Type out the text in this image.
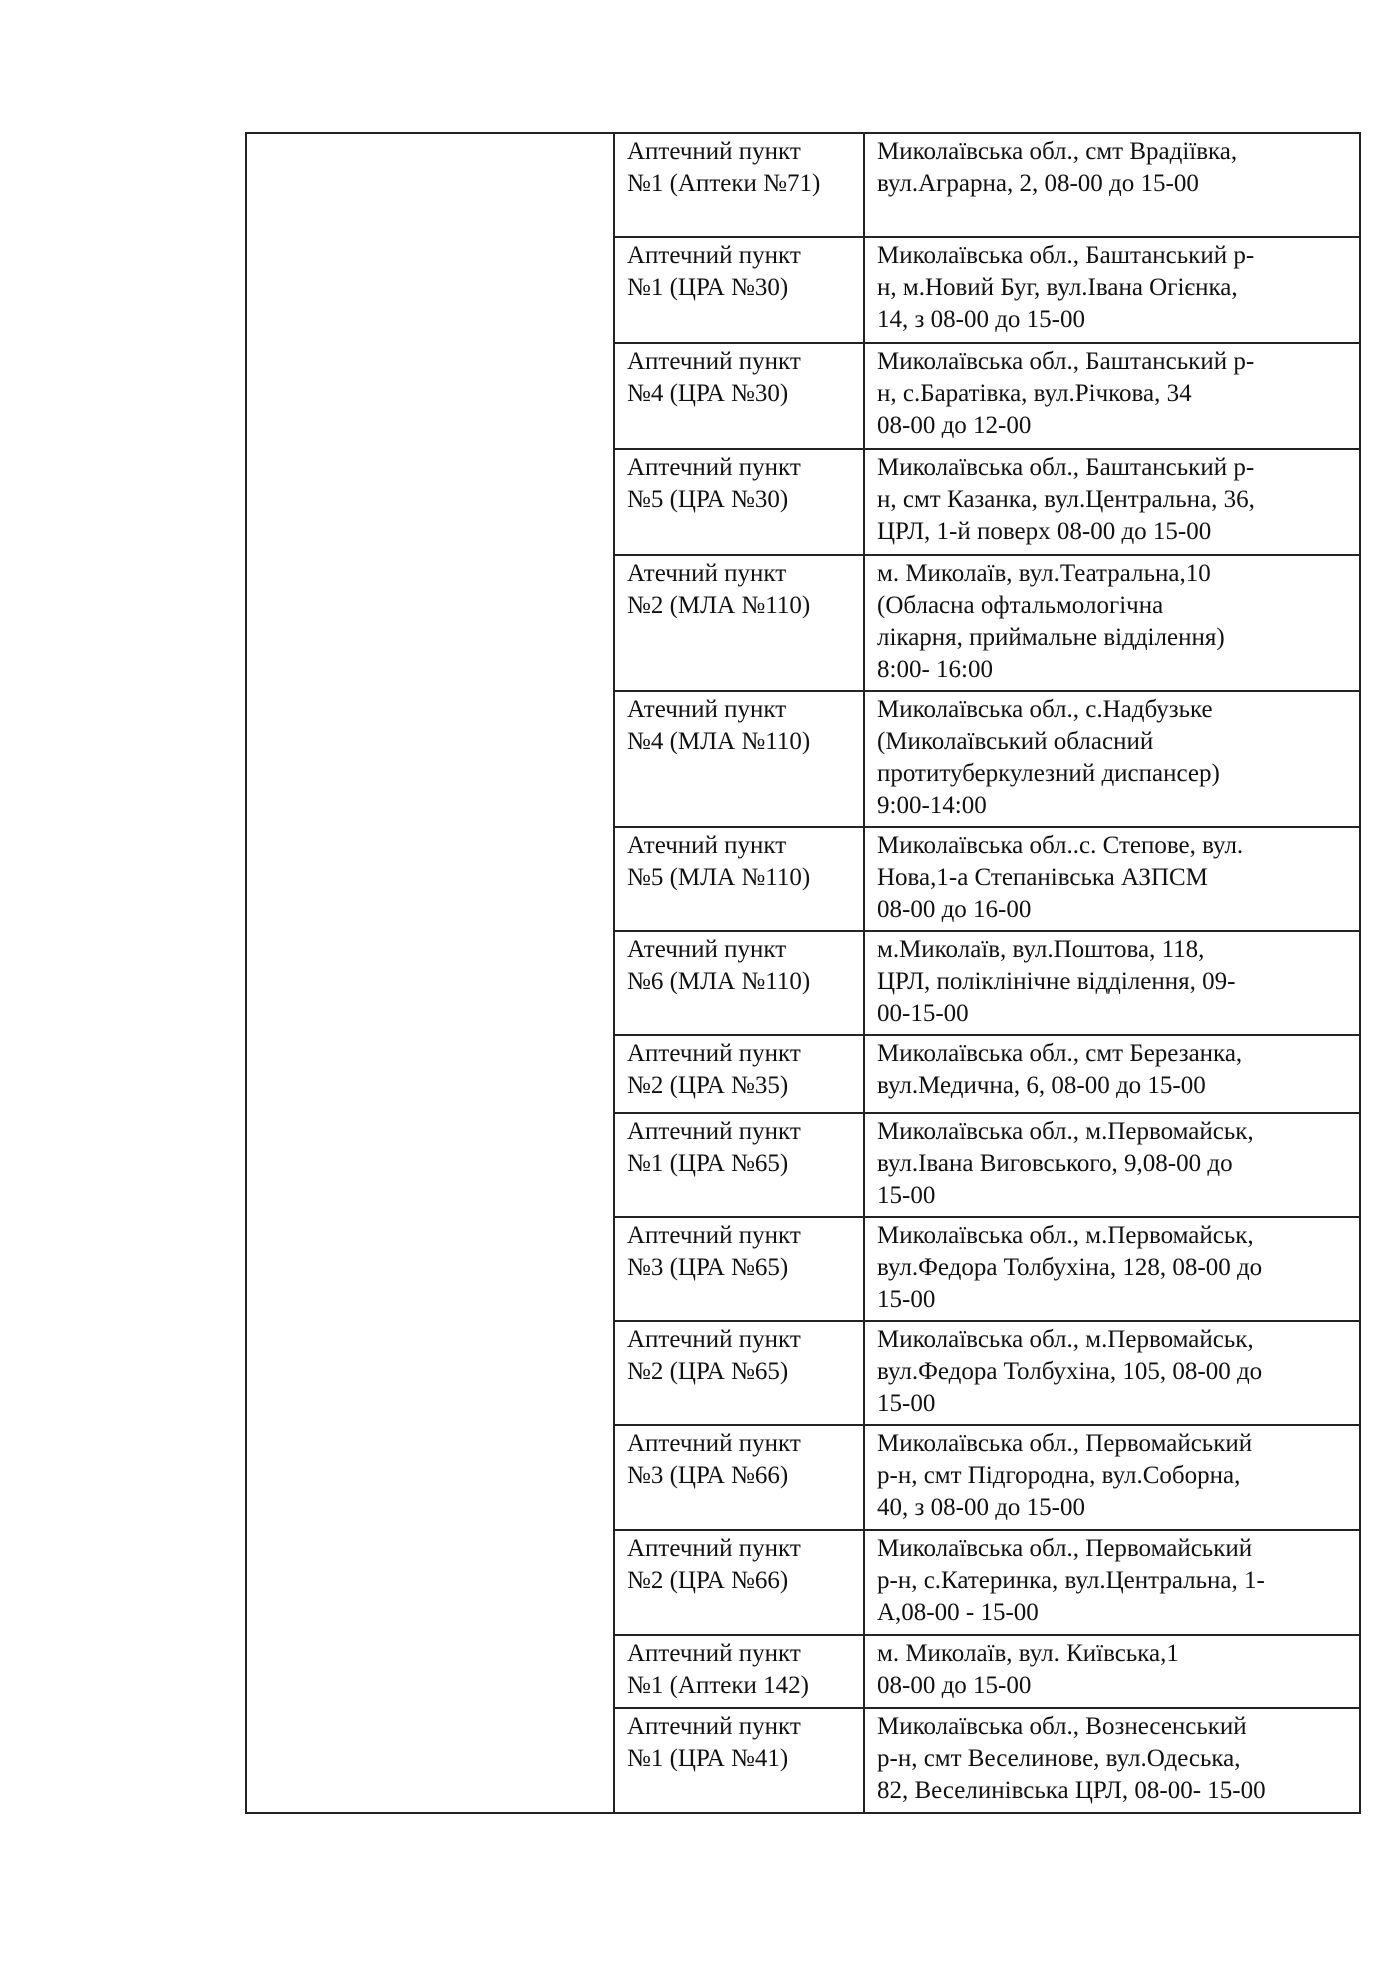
	Аптечний пункт
№1 (Аптеки №71)	Миколаївська обл., смт Врадіївка,
вул.Аграрна, 2, 08-00 до 15-00
	Аптечний пункт
№1 (ЦРА №30)	Миколаївська обл., Баштанський р-
н, м.Новий Буг, вул.Івана Огієнка,
14, з 08-00 до 15-00
	Аптечний пункт
№4 (ЦРА №30)	Миколаївська обл., Баштанський р-
н, с.Баратівка, вул.Річкова, 34
08-00 до 12-00
	Аптечний пункт
№5 (ЦРА №30)	Миколаївська обл., Баштанський р-
н, смт Казанка, вул.Центральна, 36,
ЦРЛ, 1-й поверх 08-00 до 15-00
	Атечний пункт
№2 (МЛА №110)	м. Миколаїв, вул.Театральна,10
(Обласна офтальмологічна
лікарня, приймальне відділення)
8:00- 16:00
	Атечний пункт
№4 (МЛА №110)	Миколаївська обл., с.Надбузьке
(Миколаївський обласний
протитуберкулезний диспансер)
9:00-14:00
	Атечний пункт
№5 (МЛА №110)	Миколаївська обл..с. Степове, вул.
Нова,1-а Степанівська АЗПСМ
08-00 до 16-00
	Атечний пункт
№6 (МЛА №110)	м.Миколаїв, вул.Поштова, 118,
ЦРЛ, поліклінічне відділення, 09-
00-15-00
	Аптечний пункт
№2 (ЦРА №35)	Миколаївська обл., смт Березанка,
вул.Медична, 6, 08-00 до 15-00
	Аптечний пункт
№1 (ЦРА №65)	Миколаївська обл., м.Первомайськ,
вул.Івана Виговського, 9,08-00 до
15-00
	Аптечний пункт
№3 (ЦРА №65)	Миколаївська обл., м.Первомайськ,
вул.Федора Толбухіна, 128, 08-00 до
15-00
	Аптечний пункт
№2 (ЦРА №65)	Миколаївська обл., м.Первомайськ,
вул.Федора Толбухіна, 105, 08-00 до
15-00
	Аптечний пункт
№3 (ЦРА №66)	Миколаївська обл., Первомайський
р-н, смт Підгородна, вул.Соборна,
40, з 08-00 до 15-00
	Аптечний пункт
№2 (ЦРА №66)	Миколаївська обл., Первомайський
р-н, с.Катеринка, вул.Центральна, 1-
А,08-00 - 15-00
	Аптечний пункт
№1 (Аптеки 142)	м. Миколаїв, вул. Київська,1
08-00 до 15-00
	Аптечний пункт
№1 (ЦРА №41)	Миколаївська обл., Вознесенський
р-н, смт Веселинове, вул.Одеська,
82, Веселинівська ЦРЛ, 08-00- 15-00
